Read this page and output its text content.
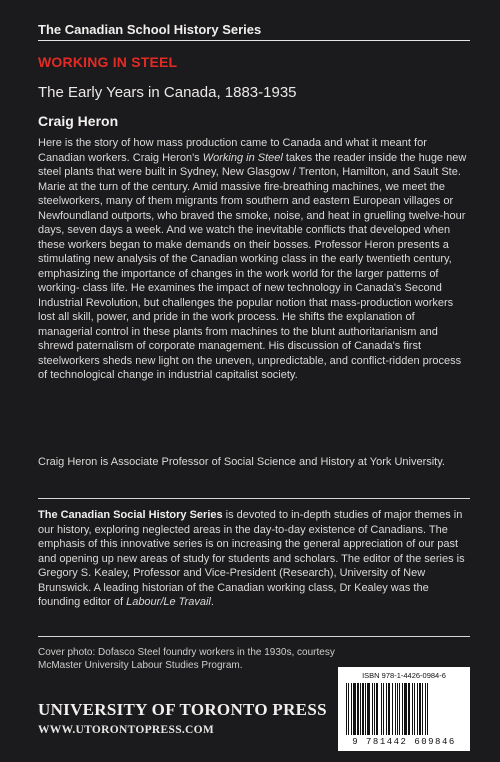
The Canadian School History Series
WORKING IN STEEL
The Early Years in Canada, 1883-1935
Craig Heron

Here is the story of how mass production came to Canada and what it meant for Canadian workers. Craig Heron's Working in Steel takes the reader inside the huge new steel plants that were built in Sydney, New Glasgow / Trenton, Hamilton, and Sault Ste. Marie at the turn of the century. Amid massive fire-breathing machines, we meet the steelworkers, many of them migrants from southern and eastern European villages or Newfoundland outports, who braved the smoke, noise, and heat in gruelling twelve-hour days, seven days a week. And we watch the inevitable conflicts that developed when these workers began to make demands on their bosses. Professor Heron presents a stimulating new analysis of the Canadian working class in the early twentieth century, emphasizing the importance of changes in the work world for the larger patterns of working- class life. He examines the impact of new technology in Canada's Second Industrial Revolution, but challenges the popular notion that mass-production workers lost all skill, power, and pride in the work process. He shifts the explanation of managerial control in these plants from machines to the blunt authoritarianism and shrewd paternalism of corporate management. His discussion of Canada's first steelworkers sheds new light on the uneven, unpredictable, and conflict-ridden process of technological change in industrial capitalist society.

Craig Heron is Associate Professor of Social Science and History at York University.

The Canadian Social History Series is devoted to in-depth studies of major themes in our history, exploring neglected areas in the day-to-day existence of Canadians. The emphasis of this innovative series is on increasing the general appreciation of our past and opening up new areas of study for students and scholars. The editor of the series is Gregory S. Kealey, Professor and Vice-President (Research), University of New Brunswick. A leading historian of the Canadian working class, Dr Kealey was the founding editor of Labour/Le Travail.

Cover photo: Dofasco Steel foundry workers in the 1930s, courtesy McMaster University Labour Studies Program.

UNIVERSITY OF TORONTO PRESS
WWW.UTORONTOPRESS.COM
ISBN 978-1-4426-0984-6
9 781442 609846
